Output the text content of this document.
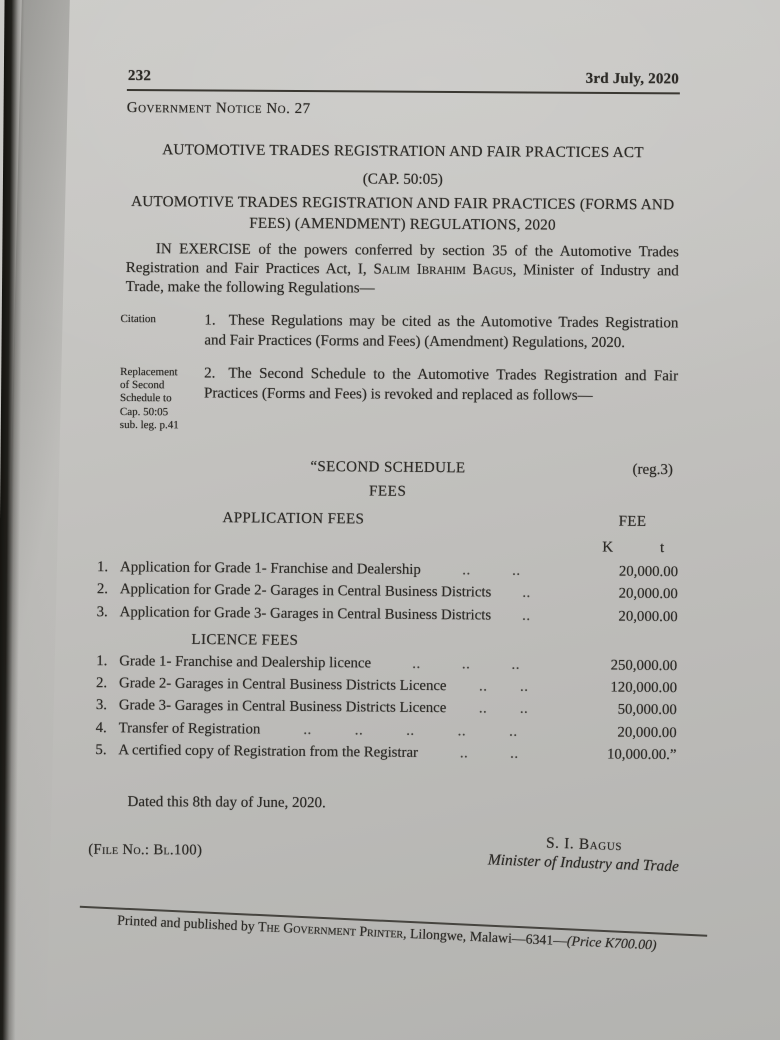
232	3rd July, 2020
Government Notice No. 27
AUTOMOTIVE TRADES REGISTRATION AND FAIR PRACTICES ACT
(CAP. 50:05)
AUTOMOTIVE TRADES REGISTRATION AND FAIR PRACTICES (FORMS AND FEES) (AMENDMENT) REGULATIONS, 2020

IN EXERCISE of the powers conferred by section 35 of the Automotive Trades Registration and Fair Practices Act, I, Salim Ibrahim Bagus, Minister of Industry and Trade, make the following Regulations—

Citation	1. These Regulations may be cited as the Automotive Trades Registration and Fair Practices (Forms and Fees) (Amendment) Regulations, 2020.
Replacement of Second Schedule to Cap. 50:05 sub. leg. p.41
2. The Second Schedule to the Automotive Trades Registration and Fair Practices (Forms and Fees) is revoked and replaced as follows—
“SECOND SCHEDULE	(reg.3)
FEES
APPLICATION FEES	FEE
K	t
1. Application for Grade 1- Franchise and Dealership	..	..	20,000.00
2. Application for Grade 2- Garages in Central Business Districts ..	20,000.00
3. Application for Grade 3- Garages in Central Business Districts ..	20,000.00
LICENCE FEES
1. Grade 1- Franchise and Dealership licence	..	..	..	250,000.00
2. Grade 2- Garages in Central Business Districts Licence .. ..	120,000.00
3. Grade 3- Garages in Central Business Districts Licence .. ..	50,000.00
4. Transfer of Registration	..	..	..	..	..	20,000.00
5. A certified copy of Registration from the Registrar	..	..	10,000.00.”

Dated this 8th day of June, 2020.

(File No.: Bl.100)	S. I. Bagus
Minister of Industry and Trade
Printed and published by The Government Printer, Lilongwe, Malawi—6341—(Price K700.00)
